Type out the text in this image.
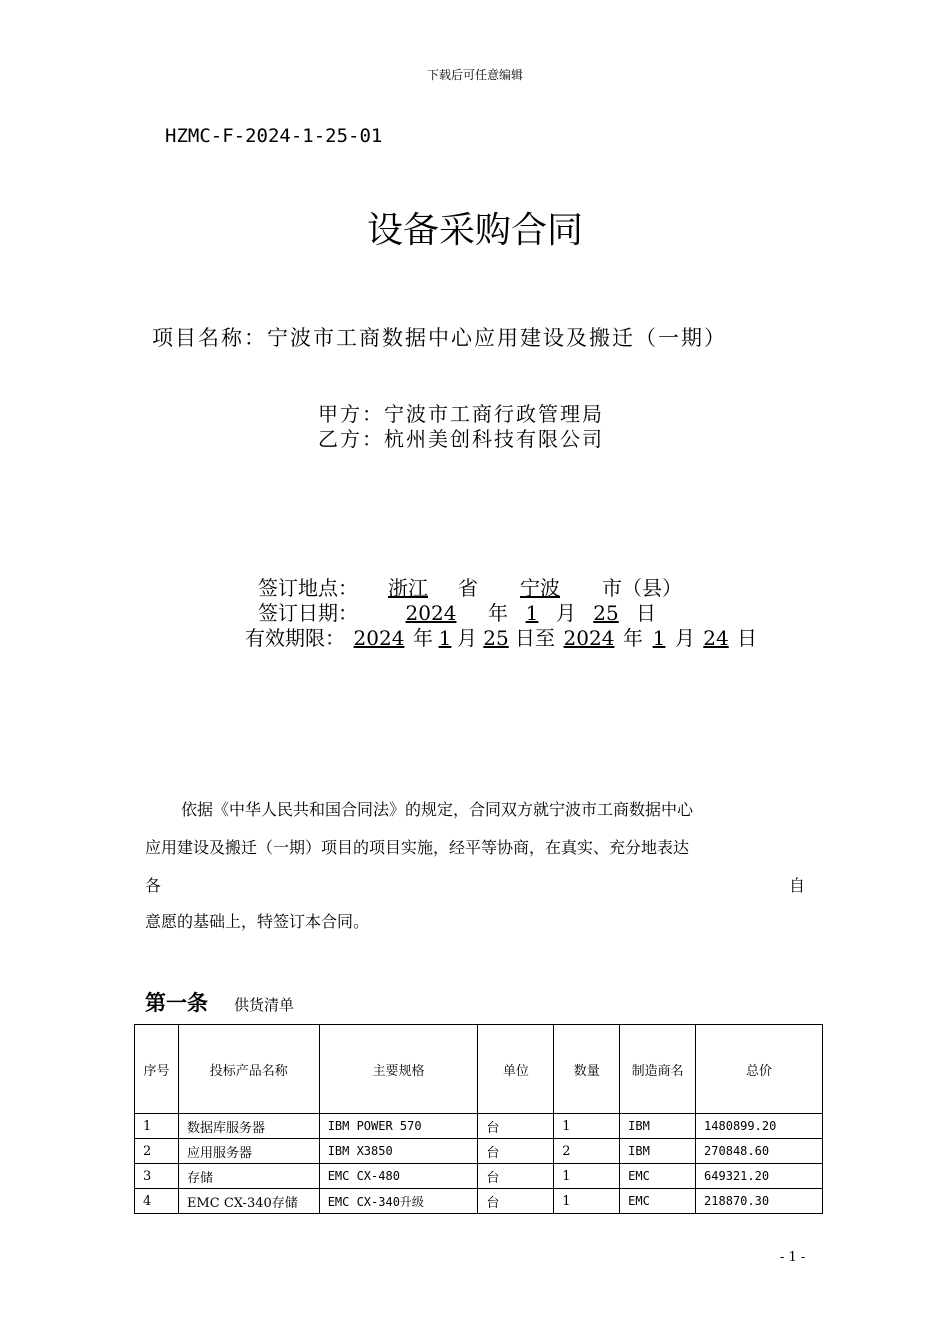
下载后可任意编辑
HZMC-F-2024-1-25-01
设备采购合同
项目名称：宁波市工商数据中心应用建设及搬迁（一期）
甲方：宁波市工商行政管理局
乙方：杭州美创科技有限公司
签订地点： 浙江 省 宁波 市（县）
签订日期： 2024 年 1 月 25 日
有效期限： 2024 年 1 月 25 日至 2024 年 1 月 24 日
依据《中华人民共和国合同法》的规定，合同双方就宁波市工商数据中心
应用建设及搬迁（一期）项目的项目实施，经平等协商，在真实、充分地表达
各	自
意愿的基础上，特签订本合同。
第一条 供货清单
序号	投标产品名称	主要规格	单位	数量	制造商名	总价
1	数据库服务器	IBM POWER 570	台	1	IBM	1480899.20
2	应用服务器	IBM X3850	台	2	IBM	270848.60
3	存储	EMC CX-480	台	1	EMC	649321.20
4	EMC CX-340存储	EMC CX-340升级	台	1	EMC	218870.30
- 1 -
